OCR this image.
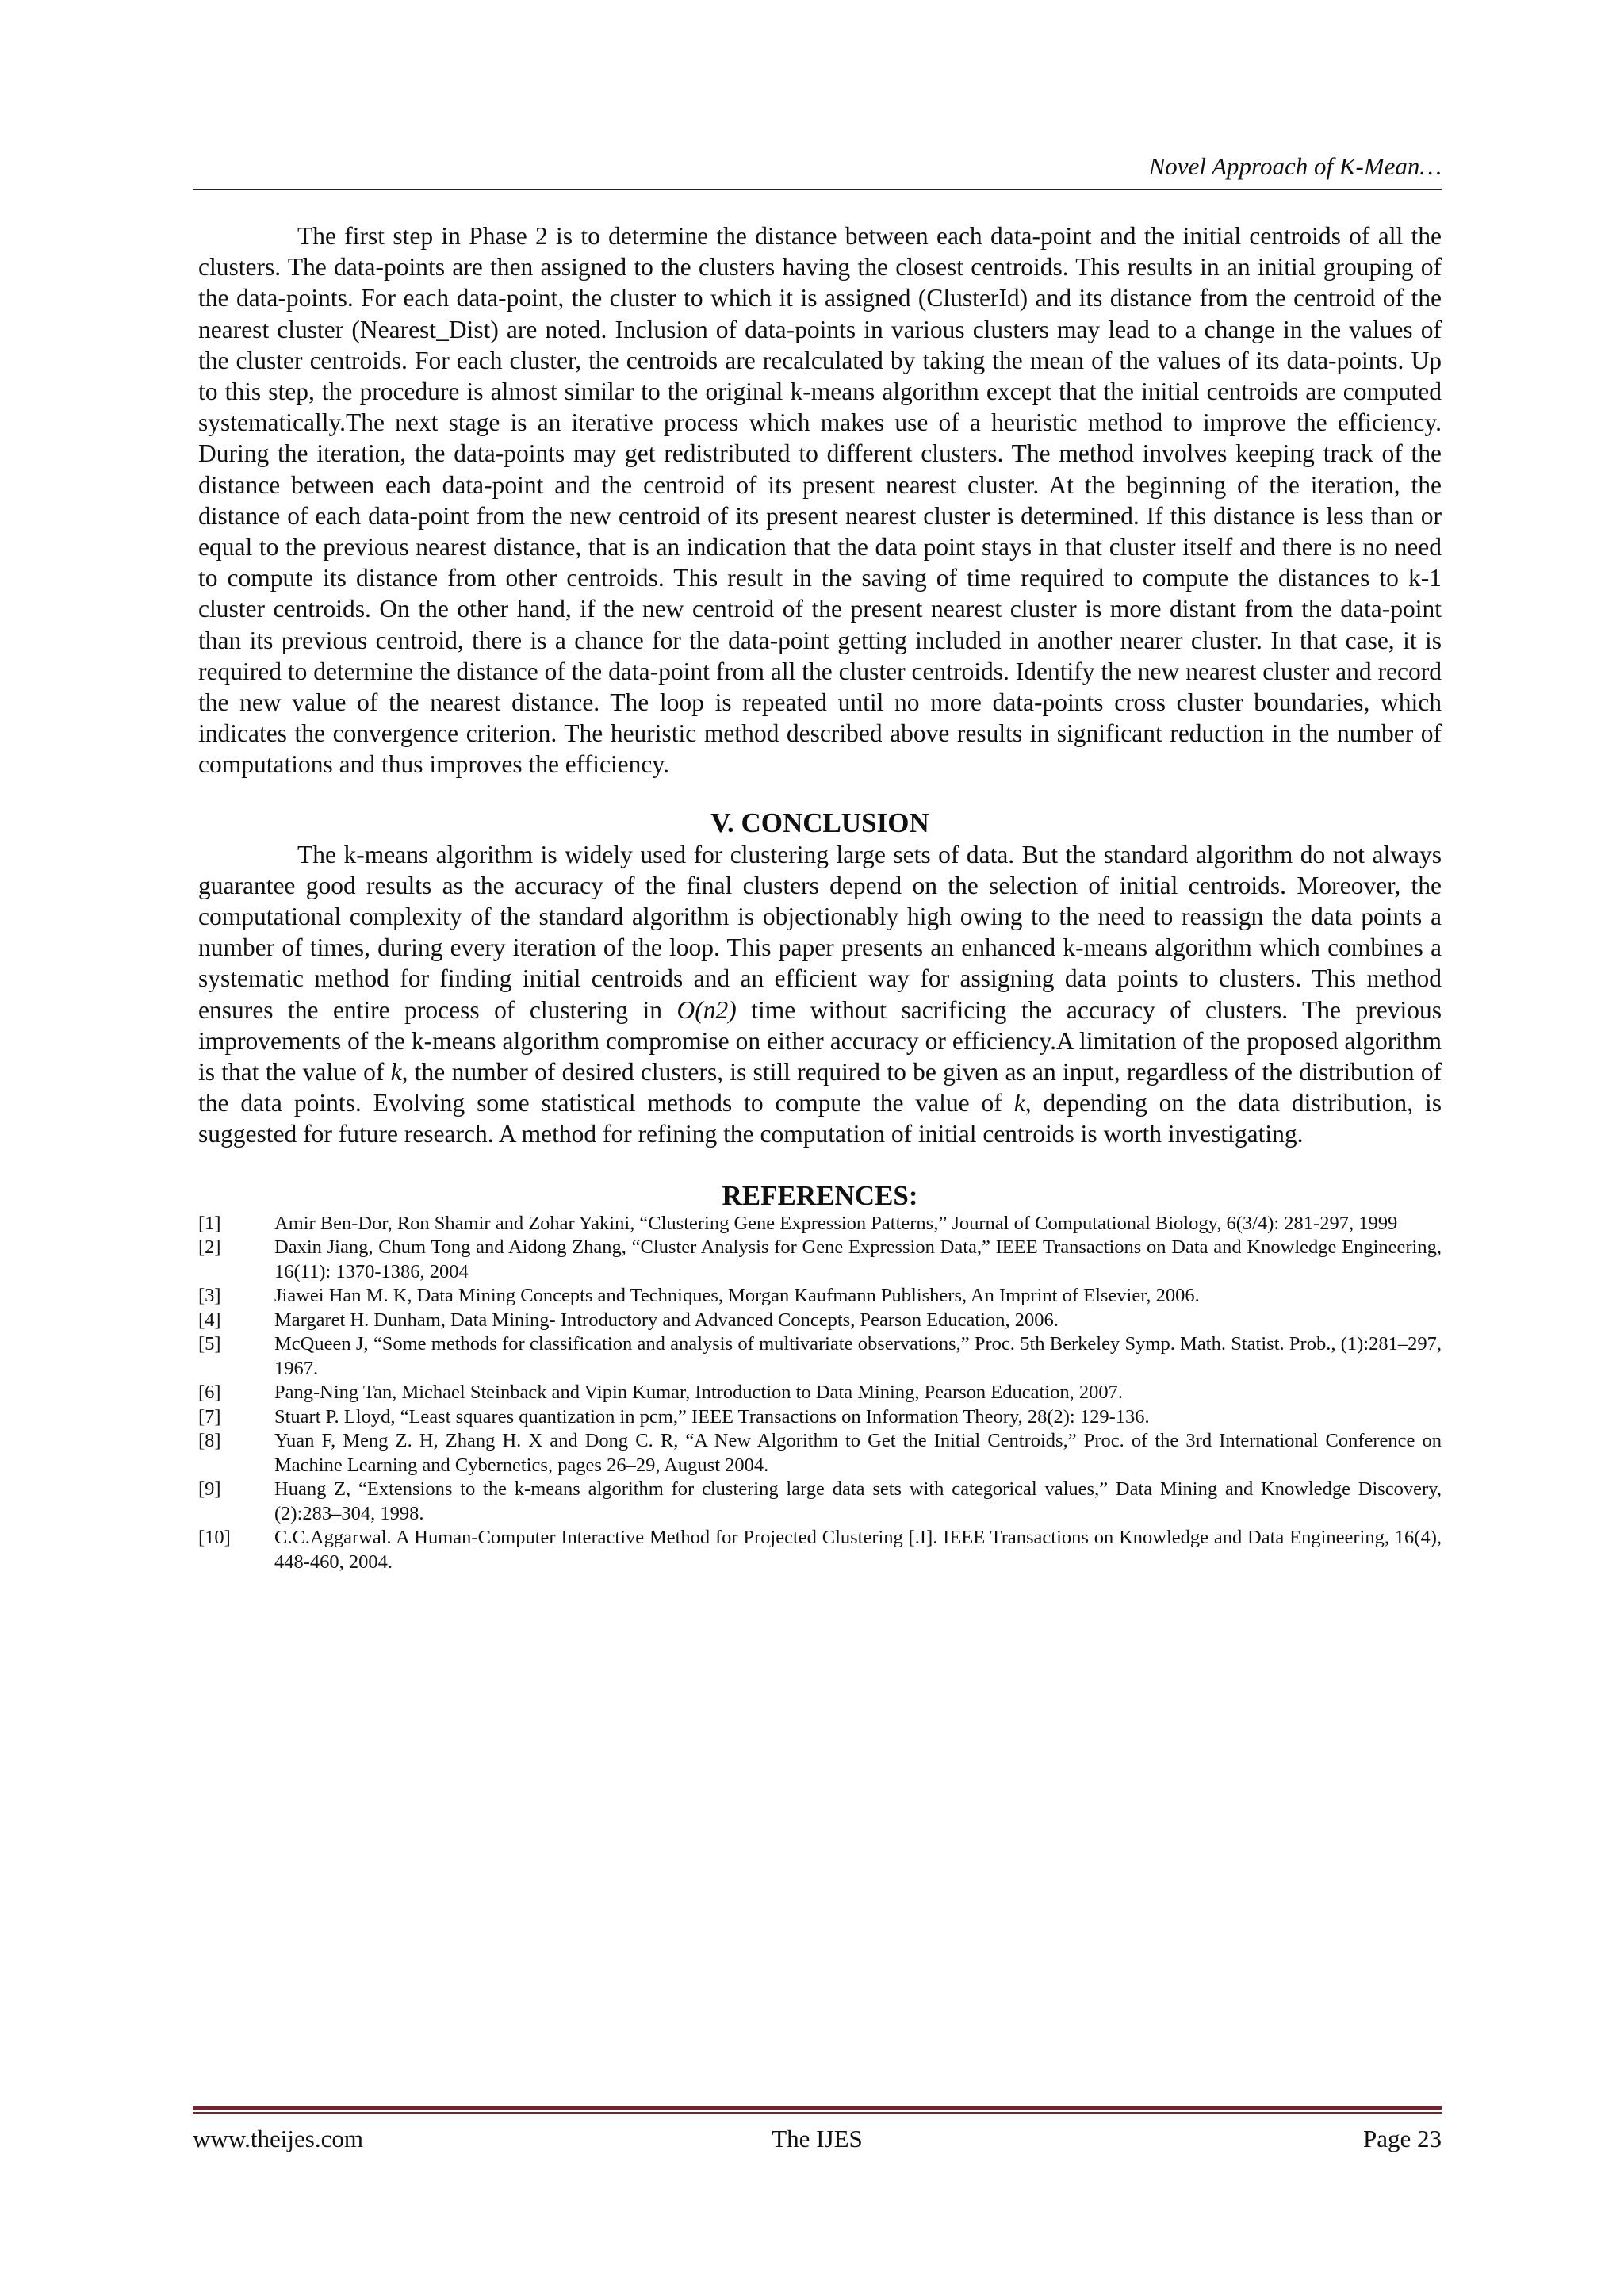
Novel Approach of K-Mean…

The first step in Phase 2 is to determine the distance between each data-point and the initial centroids of all the clusters. The data-points are then assigned to the clusters having the closest centroids. This results in an initial grouping of the data-points. For each data-point, the cluster to which it is assigned (ClusterId) and its distance from the centroid of the nearest cluster (Nearest_Dist) are noted. Inclusion of data-points in various clusters may lead to a change in the values of the cluster centroids. For each cluster, the centroids are recalculated by taking the mean of the values of its data-points. Up to this step, the procedure is almost similar to the original k-means algorithm except that the initial centroids are computed systematically.The next stage is an iterative process which makes use of a heuristic method to improve the efficiency. During the iteration, the data-points may get redistributed to different clusters. The method involves keeping track of the distance between each data-point and the centroid of its present nearest cluster. At the beginning of the iteration, the distance of each data-point from the new centroid of its present nearest cluster is determined. If this distance is less than or equal to the previous nearest distance, that is an indication that the data point stays in that cluster itself and there is no need to compute its distance from other centroids. This result in the saving of time required to compute the distances to k-1 cluster centroids. On the other hand, if the new centroid of the present nearest cluster is more distant from the data-point than its previous centroid, there is a chance for the data-point getting included in another nearer cluster. In that case, it is required to determine the distance of the data-point from all the cluster centroids. Identify the new nearest cluster and record the new value of the nearest distance. The loop is repeated until no more data-points cross cluster boundaries, which indicates the convergence criterion. The heuristic method described above results in significant reduction in the number of computations and thus improves the efficiency.

V. CONCLUSION

The k-means algorithm is widely used for clustering large sets of data. But the standard algorithm do not always guarantee good results as the accuracy of the final clusters depend on the selection of initial centroids. Moreover, the computational complexity of the standard algorithm is objectionably high owing to the need to reassign the data points a number of times, during every iteration of the loop. This paper presents an enhanced k-means algorithm which combines a systematic method for finding initial centroids and an efficient way for assigning data points to clusters. This method ensures the entire process of clustering in O(n2) time without sacrificing the accuracy of clusters. The previous improvements of the k-means algorithm compromise on either accuracy or efficiency.A limitation of the proposed algorithm is that the value of k, the number of desired clusters, is still required to be given as an input, regardless of the distribution of the data points. Evolving some statistical methods to compute the value of k, depending on the data distribution, is suggested for future research. A method for refining the computation of initial centroids is worth investigating.

REFERENCES:
[1]	Amir Ben-Dor, Ron Shamir and Zohar Yakini, “Clustering Gene Expression Patterns,” Journal of Computational Biology, 6(3/4): 281-297, 1999
[2]	Daxin Jiang, Chum Tong and Aidong Zhang, “Cluster Analysis for Gene Expression Data,” IEEE Transactions on Data and Knowledge Engineering, 16(11): 1370-1386, 2004
[3]	Jiawei Han M. K, Data Mining Concepts and Techniques, Morgan Kaufmann Publishers, An Imprint of Elsevier, 2006.
[4]	Margaret H. Dunham, Data Mining- Introductory and Advanced Concepts, Pearson Education, 2006.
[5]	McQueen J, “Some methods for classification and analysis of multivariate observations,” Proc. 5th Berkeley Symp. Math. Statist. Prob., (1):281–297, 1967.
[6]	Pang-Ning Tan, Michael Steinback and Vipin Kumar, Introduction to Data Mining, Pearson Education, 2007.
[7]	Stuart P. Lloyd, “Least squares quantization in pcm,” IEEE Transactions on Information Theory, 28(2): 129-136.
[8]	Yuan F, Meng Z. H, Zhang H. X and Dong C. R, “A New Algorithm to Get the Initial Centroids,” Proc. of the 3rd International Conference on Machine Learning and Cybernetics, pages 26–29, August 2004.
[9]	Huang Z, “Extensions to the k-means algorithm for clustering large data sets with categorical values,” Data Mining and Knowledge Discovery, (2):283–304, 1998.
[10]	C.C.Aggarwal. A Human-Computer Interactive Method for Projected Clustering [.I]. IEEE Transactions on Knowledge and Data Engineering, 16(4), 448-460, 2004.
www.theijes.com	The IJES	Page 23
